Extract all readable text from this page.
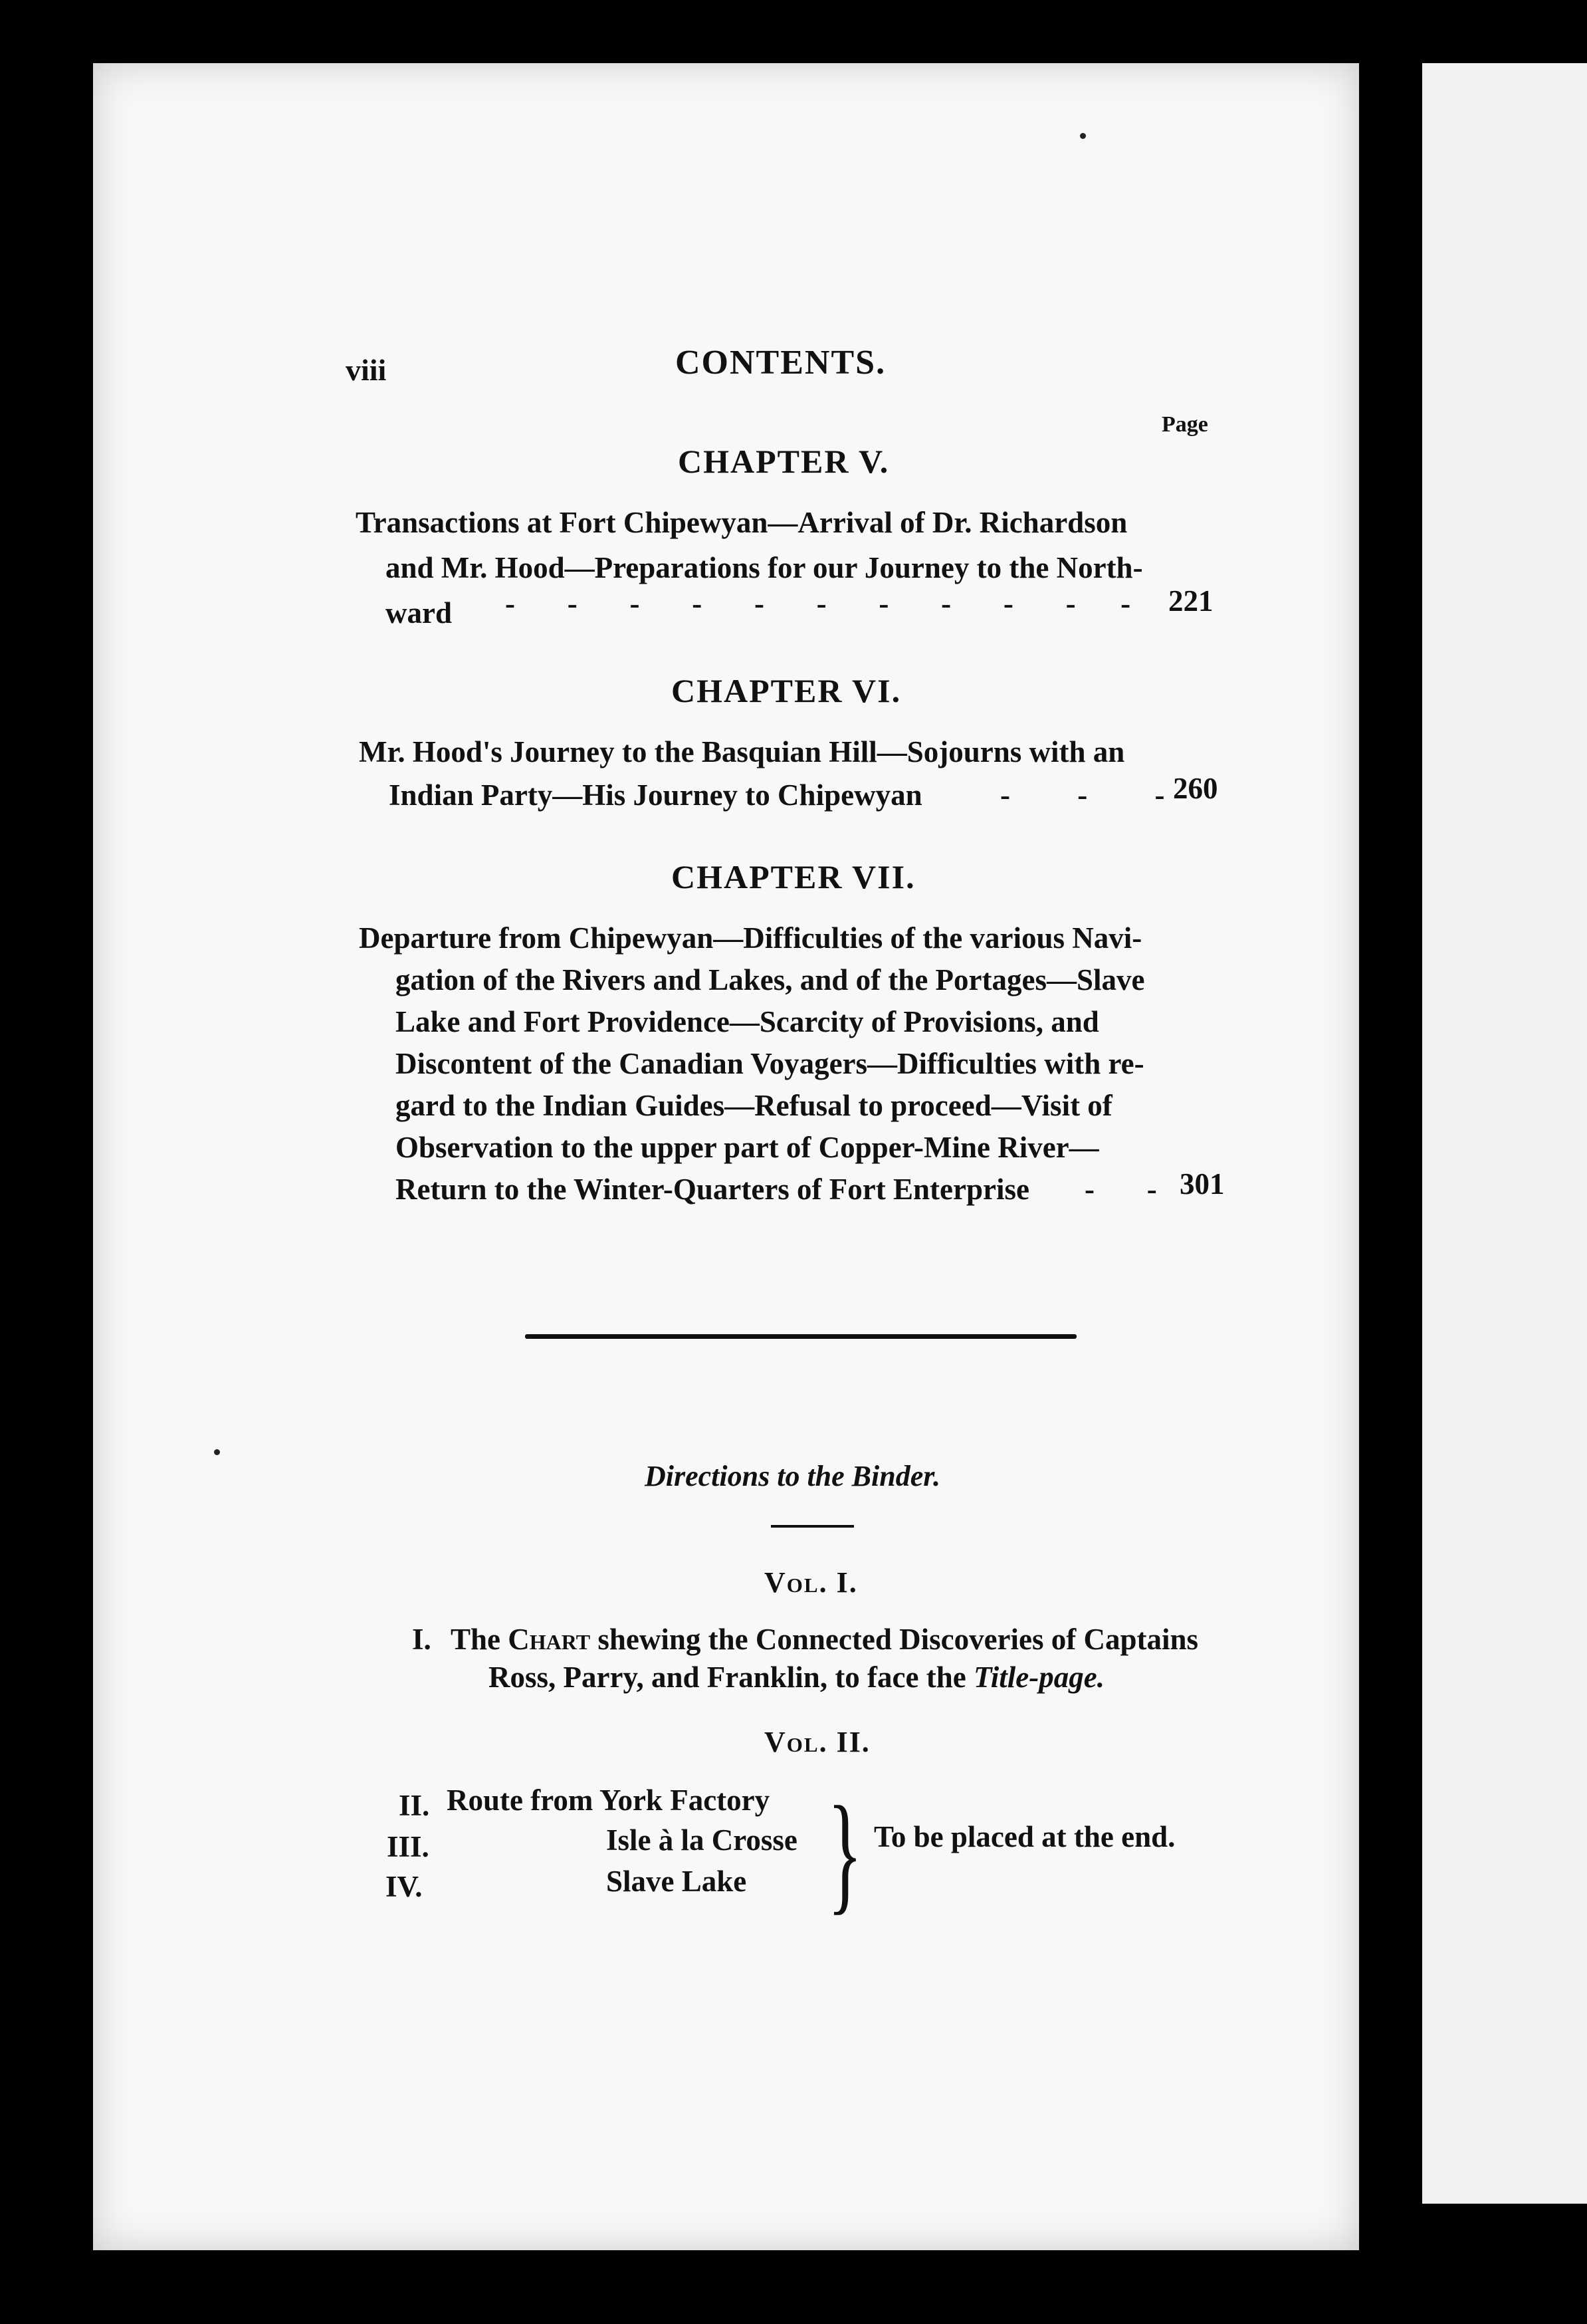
viii	CONTENTS.
Page
CHAPTER V.
Transactions at Fort Chipewyan—Arrival of Dr. Richardson
and Mr. Hood—Preparations for our Journey to the North-
ward -       -       -       -       -       -       -       -       -       -      - 221
CHAPTER VI.
Mr. Hood's Journey to the Basquian Hill—Sojourns with an
Indian Party—His Journey to Chipewyan	-         -         - 260
CHAPTER VII.
Departure from Chipewyan—Difficulties of the various Navi-
gation of the Rivers and Lakes, and of the Portages—Slave
Lake and Fort Providence—Scarcity of Provisions, and
Discontent of the Canadian Voyagers—Difficulties with re-
gard to the Indian Guides—Refusal to proceed—Visit of
Observation to the upper part of Copper-Mine River—
Return to the Winter-Quarters of Fort Enterprise -       - 301
Directions to the Binder.
Vol. I.
I. The Chart shewing the Connected Discoveries of Captains
Ross, Parry, and Franklin, to face the Title-page.
Vol. II.
II. Route from York Factory
III.	Isle à la Crosse
IV.	Slave Lake } To be placed at the end.
